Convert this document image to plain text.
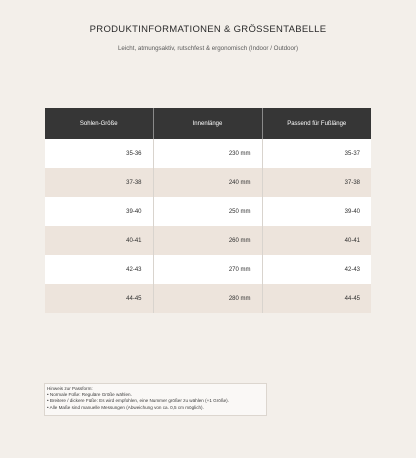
PRODUKTINFORMATIONEN & GRÖSSENTABELLE
Leicht, atmungsaktiv, rutschfest & ergonomisch (Indoor / Outdoor)
Sohlen-Größe	Innenlänge	Passend für Fußlänge
35-36	230 mm	35-37
37-38	240 mm	37-38
39-40	250 mm	39-40
40-41	260 mm	40-41
42-43	270 mm	42-43
44-45	280 mm	44-45
Hinweis zur Passform:
• Normale Füße: Reguläre Größe wählen.
• Breitere / dickere Füße: Es wird empfohlen, eine Nummer größer zu wählen (+1 Größe).
• Alle Maße sind manuelle Messungen (Abweichung von ca. 0,5 cm möglich).
